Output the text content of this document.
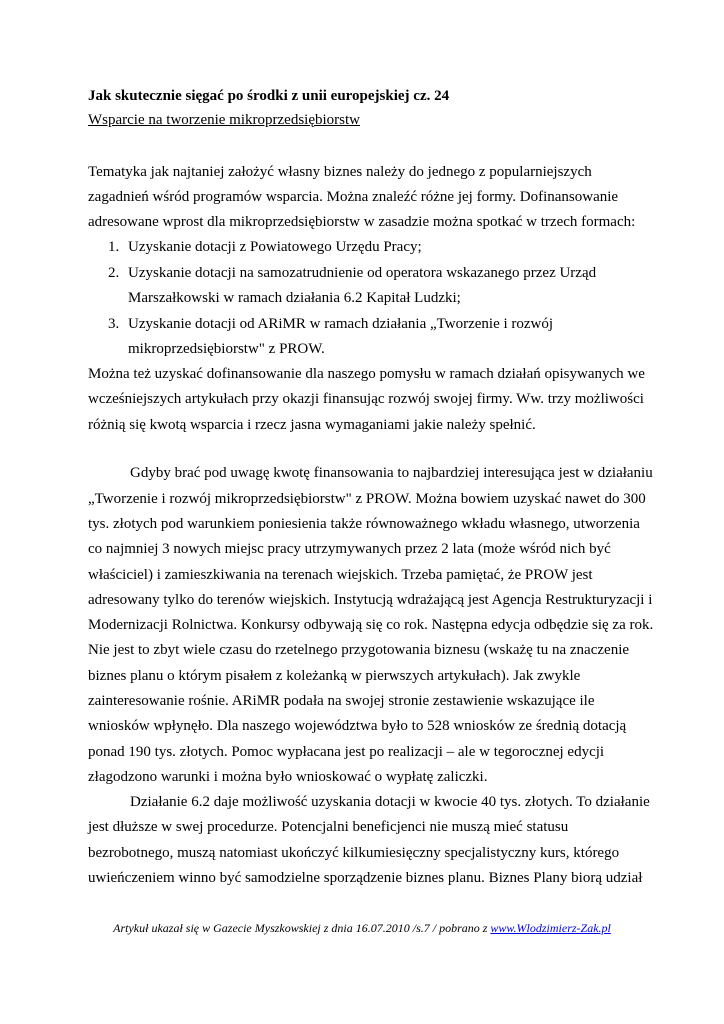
Jak skutecznie sięgać po środki z unii europejskiej cz. 24
Wsparcie na tworzenie mikroprzedsiębiorstw
Tematyka jak najtaniej założyć własny biznes należy do jednego z popularniejszych
zagadnień wśród programów wsparcia. Można znaleźć różne jej formy. Dofinansowanie
adresowane wprost dla mikroprzedsiębiorstw w zasadzie można spotkać w trzech formach:
1. Uzyskanie dotacji z Powiatowego Urzędu Pracy;
2. Uzyskanie dotacji na samozatrudnienie od operatora wskazanego przez Urząd
Marszałkowski w ramach działania 6.2 Kapitał Ludzki;
3. Uzyskanie dotacji od ARiMR w ramach działania „Tworzenie i rozwój
mikroprzedsiębiorstw" z PROW.
Można też uzyskać dofinansowanie dla naszego pomysłu w ramach działań opisywanych we
wcześniejszych artykułach przy okazji finansując rozwój swojej firmy. Ww. trzy możliwości
różnią się kwotą wsparcia i rzecz jasna wymaganiami jakie należy spełnić.
Gdyby brać pod uwagę kwotę finansowania to najbardziej interesująca jest w działaniu
„Tworzenie i rozwój mikroprzedsiębiorstw" z PROW. Można bowiem uzyskać nawet do 300
tys. złotych pod warunkiem poniesienia także równoważnego wkładu własnego, utworzenia
co najmniej 3 nowych miejsc pracy utrzymywanych przez 2 lata (może wśród nich być
właściciel) i zamieszkiwania na terenach wiejskich. Trzeba pamiętać, że PROW jest
adresowany tylko do terenów wiejskich. Instytucją wdrażającą jest Agencja Restrukturyzacji i
Modernizacji Rolnictwa. Konkursy odbywają się co rok. Następna edycja odbędzie się za rok.
Nie jest to zbyt wiele czasu do rzetelnego przygotowania biznesu (wskażę tu na znaczenie
biznes planu o którym pisałem z koleżanką w pierwszych artykułach). Jak zwykle
zainteresowanie rośnie. ARiMR podała na swojej stronie zestawienie wskazujące ile
wniosków wpłynęło. Dla naszego województwa było to 528 wniosków ze średnią dotacją
ponad 190 tys. złotych. Pomoc wypłacana jest po realizacji – ale w tegorocznej edycji
złagodzono warunki i można było wnioskować o wypłatę zaliczki.
Działanie 6.2 daje możliwość uzyskania dotacji w kwocie 40 tys. złotych. To działanie
jest dłuższe w swej procedurze. Potencjalni beneficjenci nie muszą mieć statusu
bezrobotnego, muszą natomiast ukończyć kilkumiesięczny specjalistyczny kurs, którego
uwieńczeniem winno być samodzielne sporządzenie biznes planu. Biznes Plany biorą udział
Artykuł ukazał się w Gazecie Myszkowskiej z dnia 16.07.2010 /s.7 / pobrano z www.Wlodzimierz-Zak.pl
